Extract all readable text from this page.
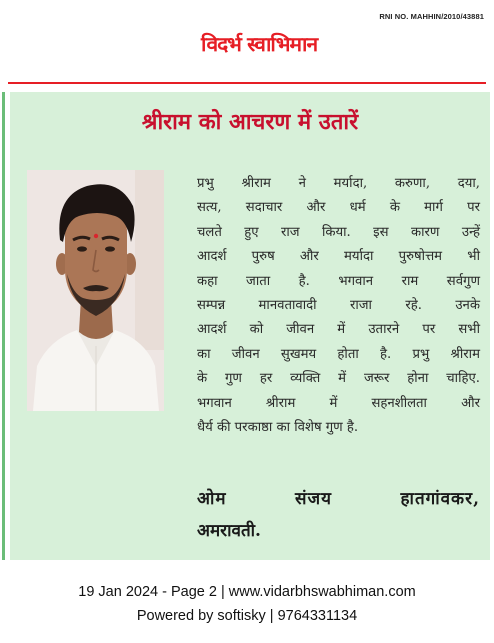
विदर्भ स्वाभिमान
RNI NO. MAHHIN/2010/43881
श्रीराम को आचरण में उतारें
प्रभु श्रीराम ने मर्यादा, करुणा, दया,
सत्य, सदाचार और धर्म के मार्ग पर
चलते हुए राज किया. इस कारण उन्हें
आदर्श पुरुष और मर्यादा पुरुषोत्तम भी
कहा जाता है. भगवान राम सर्वगुण
सम्पन्न मानवतावादी राजा रहे. उनके
आदर्श को जीवन में उतारने पर सभी
का जीवन सुखमय होता है. प्रभु श्रीराम
के गुण हर व्यक्ति में जरूर होना चाहिए.
भगवान श्रीराम में सहनशीलता और
धैर्य की परकाष्ठा का विशेष गुण है.
ओम संजय हातगांवकर,
अमरावती.
19 Jan 2024 - Page 2 | www.vidarbhswabhiman.com
Powered by softisky | 9764331134
